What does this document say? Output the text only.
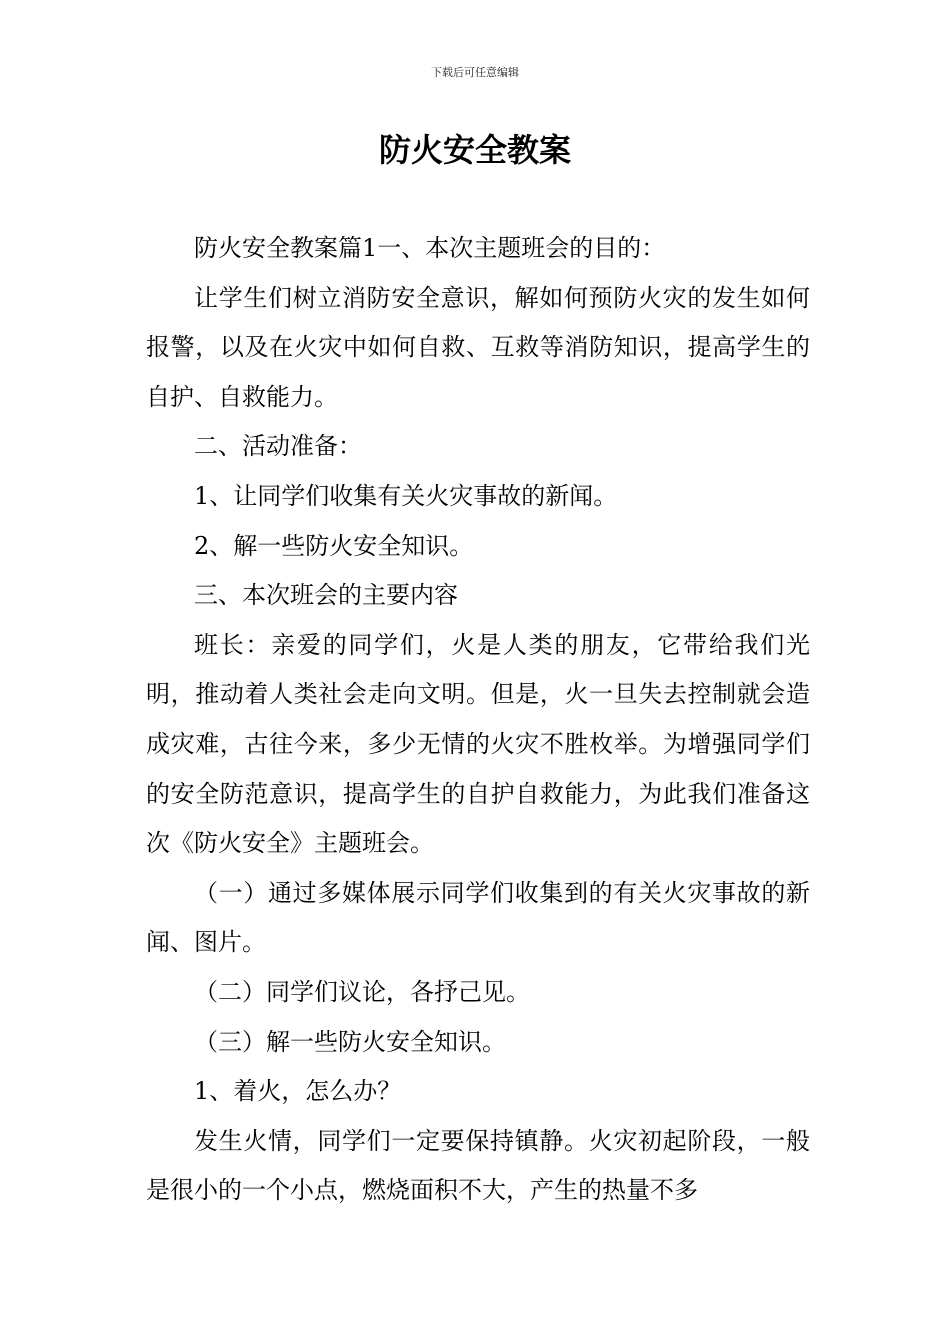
下载后可任意编辑
防火安全教案

防火安全教案篇1一、本次主题班会的目的：

让学生们树立消防安全意识，解如何预防火灾的发生如何报警，以及在火灾中如何自救、互救等消防知识，提高学生的自护、自救能力。

二、活动准备：

1、让同学们收集有关火灾事故的新闻。

2、解一些防火安全知识。

三、本次班会的主要内容

班长：亲爱的同学们，火是人类的朋友，它带给我们光明，推动着人类社会走向文明。但是，火一旦失去控制就会造成灾难，古往今来，多少无情的火灾不胜枚举。为增强同学们的安全防范意识，提高学生的自护自救能力，为此我们准备这次《防火安全》主题班会。

（一）通过多媒体展示同学们收集到的有关火灾事故的新闻、图片。

（二）同学们议论，各抒己见。

（三）解一些防火安全知识。

1、着火，怎么办？

发生火情，同学们一定要保持镇静。火灾初起阶段，一般是很小的一个小点，燃烧面积不大，产生的热量不多
